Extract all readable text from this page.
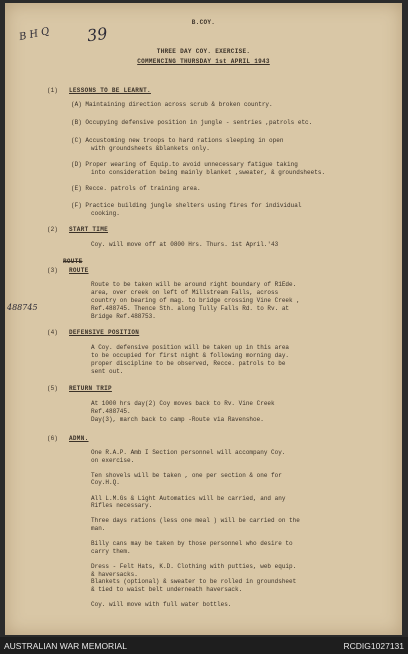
B H Q 39
488745
B.COY.
THREE DAY COY. EXERCISE.
COMMENCING THURSDAY 1st APRIL 1943
(1) LESSONS TO BE LEARNT.
(A) Maintaining direction across scrub & broken country.
(B) Occupying defensive position in jungle - sentries ,patrols etc.
(C) Accustoming new troops to hard rations sleeping in open
with groundsheets &blankets only.
(D) Proper wearing of Equip.to avoid unnecessary fatigue taking
into consideration being mainly blanket ,sweater, & groundsheets.
(E) Recce. patrols of training area.
(F) Practice building jungle shelters using fires for individual
cooking.
(2) START TIME
Coy. will move off at 0800 Hrs. Thurs. 1st April.'43
ROUTE
(3) ROUTE
Route to be taken will be around right boundary of R1Ede.
area, over creek on left of Millstream Falls, across
country on bearing of mag. to bridge crossing Vine Creek ,
Ref.488745. Thence Sth. along Tully Falls Rd. to Rv. at
Bridge Ref.488753.
(4) DEFENSIVE POSITION
A Coy. defensive position will be taken up in this area
to be occupied for first night & following morning day.
proper discipline to be observed, Recce. patrols to be
sent out.
(5) RETURN TRIP
At 1000 hrs day(2) Coy moves back to Rv. Vine Creek
Ref.488745.
Day(3), march back to camp -Route via Ravenshoe.
(6) ADMN.
One R.A.P. Amb I Section personnel will accompany Coy.
on exercise.
Ten shovels will be taken , one per section & one for
Coy.H.Q.
All L.M.Gs & Light Automatics will be carried, and any
Rifles necessary.
Three days rations (less one meal ) will be carried on the
man.
Billy cans may be taken by those personnel who desire to
carry them.
Dress - Felt Hats, K.D. Clothing with putties, web equip.
& haversacks.
Blankets (optional) & sweater to be rolled in groundsheet
& tied to waist belt underneath haversack.
Coy. will move with full water bottles.
AUSTRALIAN WAR MEMORIAL	RCDIG1027131
